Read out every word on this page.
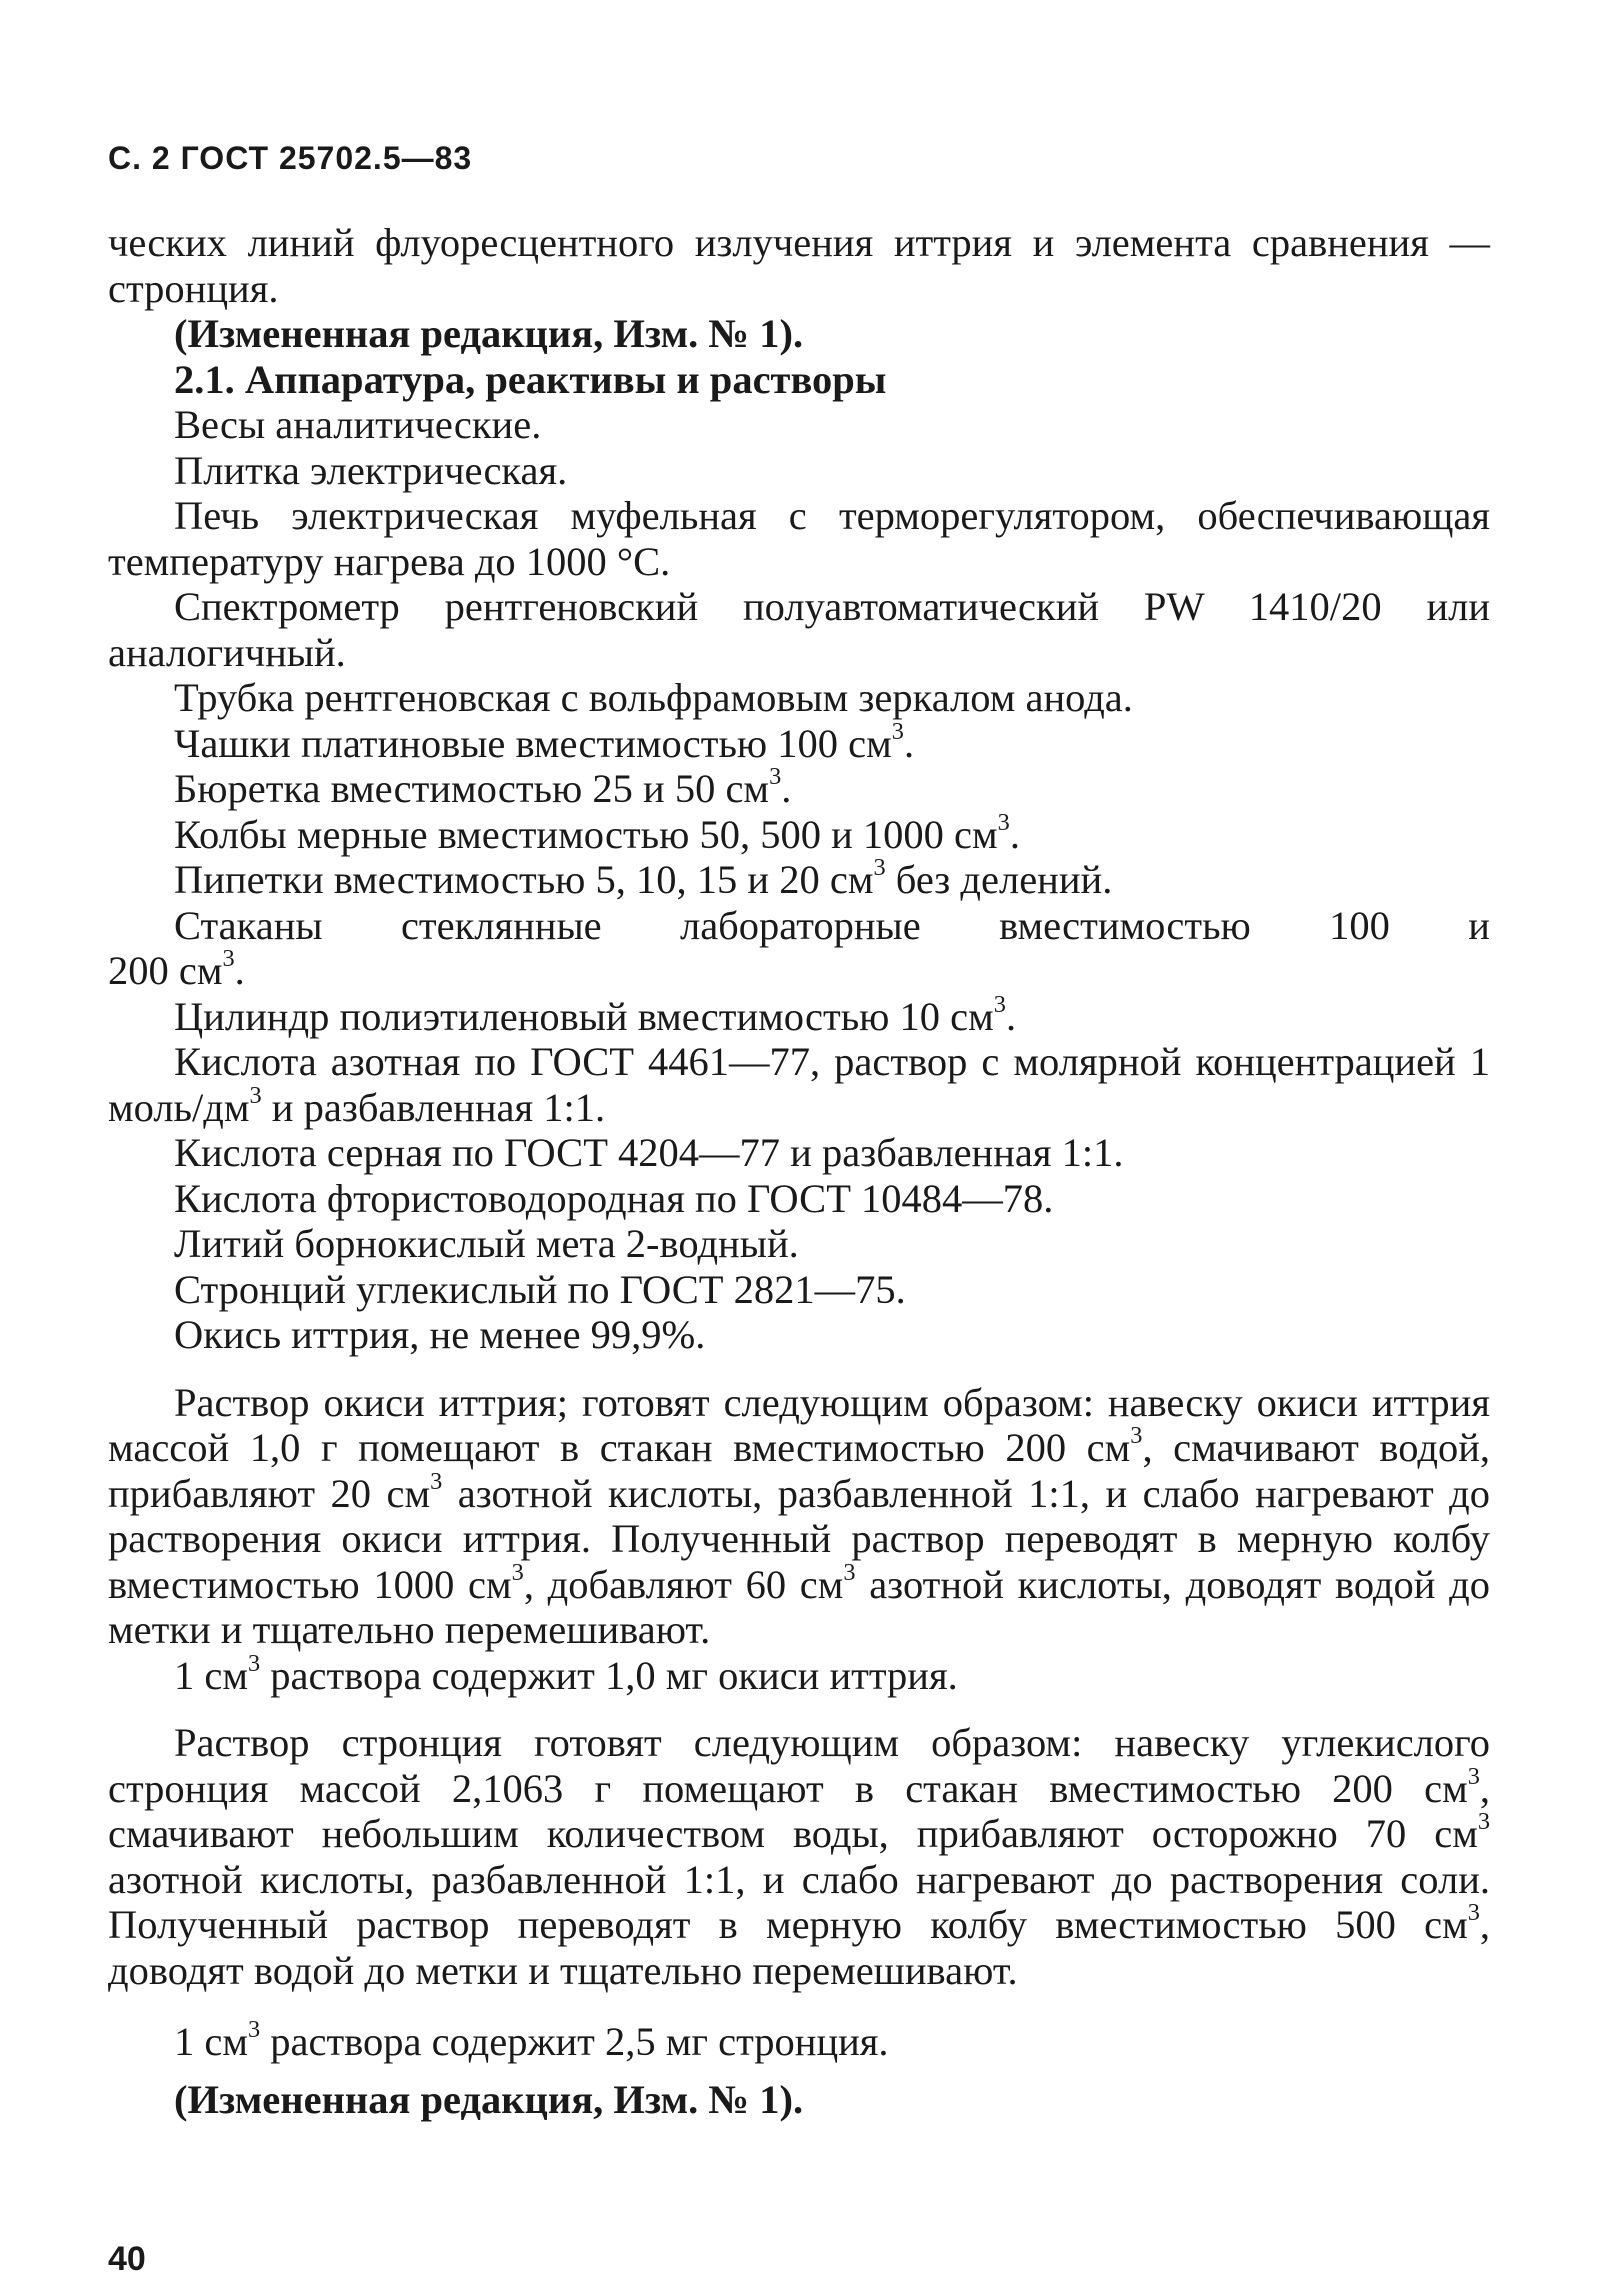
С. 2 ГОСТ 25702.5—83

ческих линий флуоресцентного излучения иттрия и элемента сравнения — стронция.

(Измененная редакция, Изм. № 1).

2.1. Аппаратура, реактивы и растворы

Весы аналитические.

Плитка электрическая.

Печь электрическая муфельная с терморегулятором, обеспечивающая температуру нагрева до 1000 °С.

Спектрометр рентгеновский полуавтоматический PW 1410/20 или аналогичный.

Трубка рентгеновская с вольфрамовым зеркалом анода.

Чашки платиновые вместимостью 100 $см^3$.

Бюретка вместимостью 25 и 50 $см^3$.

Колбы мерные вместимостью 50, 500 и 1000 $см^3$.

Пипетки вместимостью 5, 10, 15 и 20 $см^3$ без делений.

Стаканы	стеклянные	лабораторные	вместимостью	100	и
200 $см^3$.

Цилиндр полиэтиленовый вместимостью 10 $см^3$.

Кислота азотная по ГОСТ 4461—77, раствор с молярной концентрацией 1 моль/$дм^3$ и разбавленная 1:1.

Кислота серная по ГОСТ 4204—77 и разбавленная 1:1.

Кислота фтористоводородная по ГОСТ 10484—78.

Литий борнокислый мета 2-водный.

Стронций углекислый по ГОСТ 2821—75.

Окись иттрия, не менее 99,9%.

Раствор окиси иттрия; готовят следующим образом: навеску окиси иттрия массой 1,0 г помещают в стакан вместимостью 200 $см^3$, смачивают водой, прибавляют 20 $см^3$ азотной кислоты, разбавленной 1:1, и слабо нагревают до растворения окиси иттрия. Полученный раствор переводят в мерную колбу вместимостью 1000 $см^3$, добавляют 60 $см^3$ азотной кислоты, доводят водой до метки и тщательно перемешивают.

1 $см^3$ раствора содержит 1,0 мг окиси иттрия.

Раствор стронция готовят следующим образом: навеску углекислого стронция массой 2,1063 г помещают в стакан вместимостью 200 $см^3$, смачивают небольшим количеством воды, прибавляют осторожно 70 $см^3$ азотной кислоты, разбавленной 1:1, и слабо нагревают до растворения соли. Полученный раствор переводят в мерную колбу вместимостью 500 $см^3$, доводят водой до метки и тщательно перемешивают.

1 $см^3$ раствора содержит 2,5 мг стронция.

(Измененная редакция, Изм. № 1).

40
